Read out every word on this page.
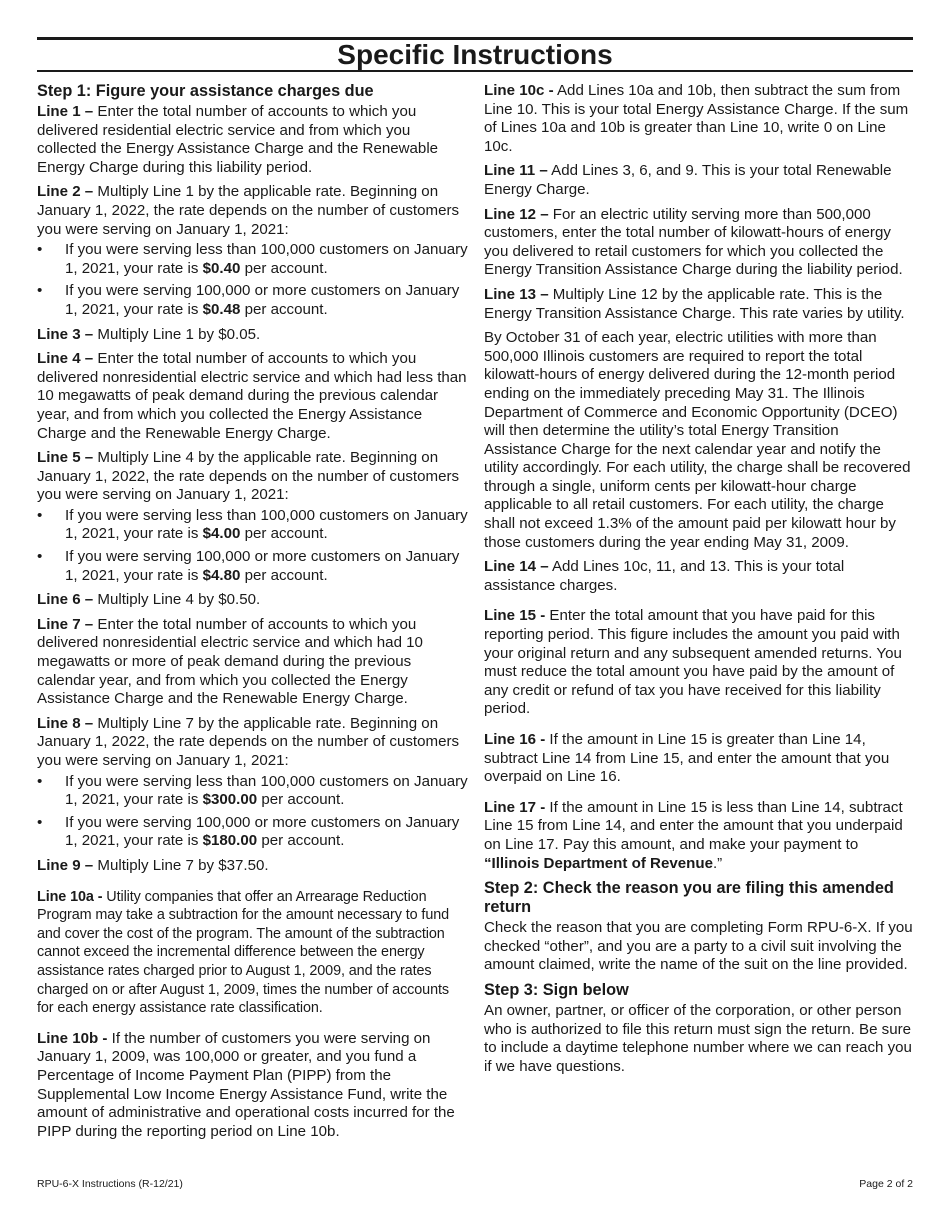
Specific Instructions
Step 1: Figure your assistance charges due

Line 1 – Enter the total number of accounts to which you delivered residential electric service and from which you collected the Energy Assistance Charge and the Renewable Energy Charge during this liability period.

Line 2 – Multiply Line 1 by the applicable rate. Beginning on January 1, 2022, the rate depends on the number of customers you were serving on January 1, 2021:

• If you were serving less than 100,000 customers on January 1, 2021, your rate is $0.40 per account.
• If you were serving 100,000 or more customers on January 1, 2021, your rate is $0.48 per account.

Line 3 – Multiply Line 1 by $0.05.

Line 4 – Enter the total number of accounts to which you delivered nonresidential electric service and which had less than 10 megawatts of peak demand during the previous calendar year, and from which you collected the Energy Assistance Charge and the Renewable Energy Charge.

Line 5 – Multiply Line 4 by the applicable rate. Beginning on January 1, 2022, the rate depends on the number of customers you were serving on January 1, 2021:

• If you were serving less than 100,000 customers on January 1, 2021, your rate is $4.00 per account.
• If you were serving 100,000 or more customers on January 1, 2021, your rate is $4.80 per account.

Line 6 – Multiply Line 4 by $0.50.

Line 7 – Enter the total number of accounts to which you delivered nonresidential electric service and which had 10 megawatts or more of peak demand during the previous calendar year, and from which you collected the Energy Assistance Charge and the Renewable Energy Charge.

Line 8 – Multiply Line 7 by the applicable rate. Beginning on January 1, 2022, the rate depends on the number of customers you were serving on January 1, 2021:

• If you were serving less than 100,000 customers on January 1, 2021, your rate is $300.00 per account.
• If you were serving 100,000 or more customers on January 1, 2021, your rate is $180.00 per account.

Line 9 – Multiply Line 7 by $37.50.

Line 10a - Utility companies that offer an Arrearage Reduction Program may take a subtraction for the amount necessary to fund and cover the cost of the program. The amount of the subtraction cannot exceed the incremental difference between the energy assistance rates charged prior to August 1, 2009, and the rates charged on or after August 1, 2009, times the number of accounts for each energy assistance rate classification.

Line 10b - If the number of customers you were serving on January 1, 2009, was 100,000 or greater, and you fund a Percentage of Income Payment Plan (PIPP) from the Supplemental Low Income Energy Assistance Fund, write the amount of administrative and operational costs incurred for the PIPP during the reporting period on Line 10b.

Line 10c - Add Lines 10a and 10b, then subtract the sum from Line 10. This is your total Energy Assistance Charge. If the sum of Lines 10a and 10b is greater than Line 10, write 0 on Line 10c.

Line 11 – Add Lines 3, 6, and 9. This is your total Renewable Energy Charge.

Line 12 – For an electric utility serving more than 500,000 customers, enter the total number of kilowatt-hours of energy you delivered to retail customers for which you collected the Energy Transition Assistance Charge during the liability period.

Line 13 – Multiply Line 12 by the applicable rate. This is the Energy Transition Assistance Charge. This rate varies by utility.

By October 31 of each year, electric utilities with more than 500,000 Illinois customers are required to report the total kilowatt-hours of energy delivered during the 12-month period ending on the immediately preceding May 31. The Illinois Department of Commerce and Economic Opportunity (DCEO) will then determine the utility’s total Energy Transition Assistance Charge for the next calendar year and notify the utility accordingly. For each utility, the charge shall be recovered through a single, uniform cents per kilowatt-hour charge applicable to all retail customers. For each utility, the charge shall not exceed 1.3% of the amount paid per kilowatt hour by those customers during the year ending May 31, 2009.

Line 14 – Add Lines 10c, 11, and 13. This is your total assistance charges.

Line 15 - Enter the total amount that you have paid for this reporting period. This figure includes the amount you paid with your original return and any subsequent amended returns. You must reduce the total amount you have paid by the amount of any credit or refund of tax you have received for this liability period.

Line 16 - If the amount in Line 15 is greater than Line 14, subtract Line 14 from Line 15, and enter the amount that you overpaid on Line 16.

Line 17 - If the amount in Line 15 is less than Line 14, subtract Line 15 from Line 14, and enter the amount that you underpaid on Line 17. Pay this amount, and make your payment to “Illinois Department of Revenue.”

Step 2: Check the reason you are filing this amended return

Check the reason that you are completing Form RPU-6-X. If you checked “other”, and you are a party to a civil suit involving the amount claimed, write the name of the suit on the line provided.

Step 3: Sign below

An owner, partner, or officer of the corporation, or other person who is authorized to file this return must sign the return. Be sure to include a daytime telephone number where we can reach you if we have questions.

RPU-6-X Instructions (R-12/21)	Page 2 of 2
